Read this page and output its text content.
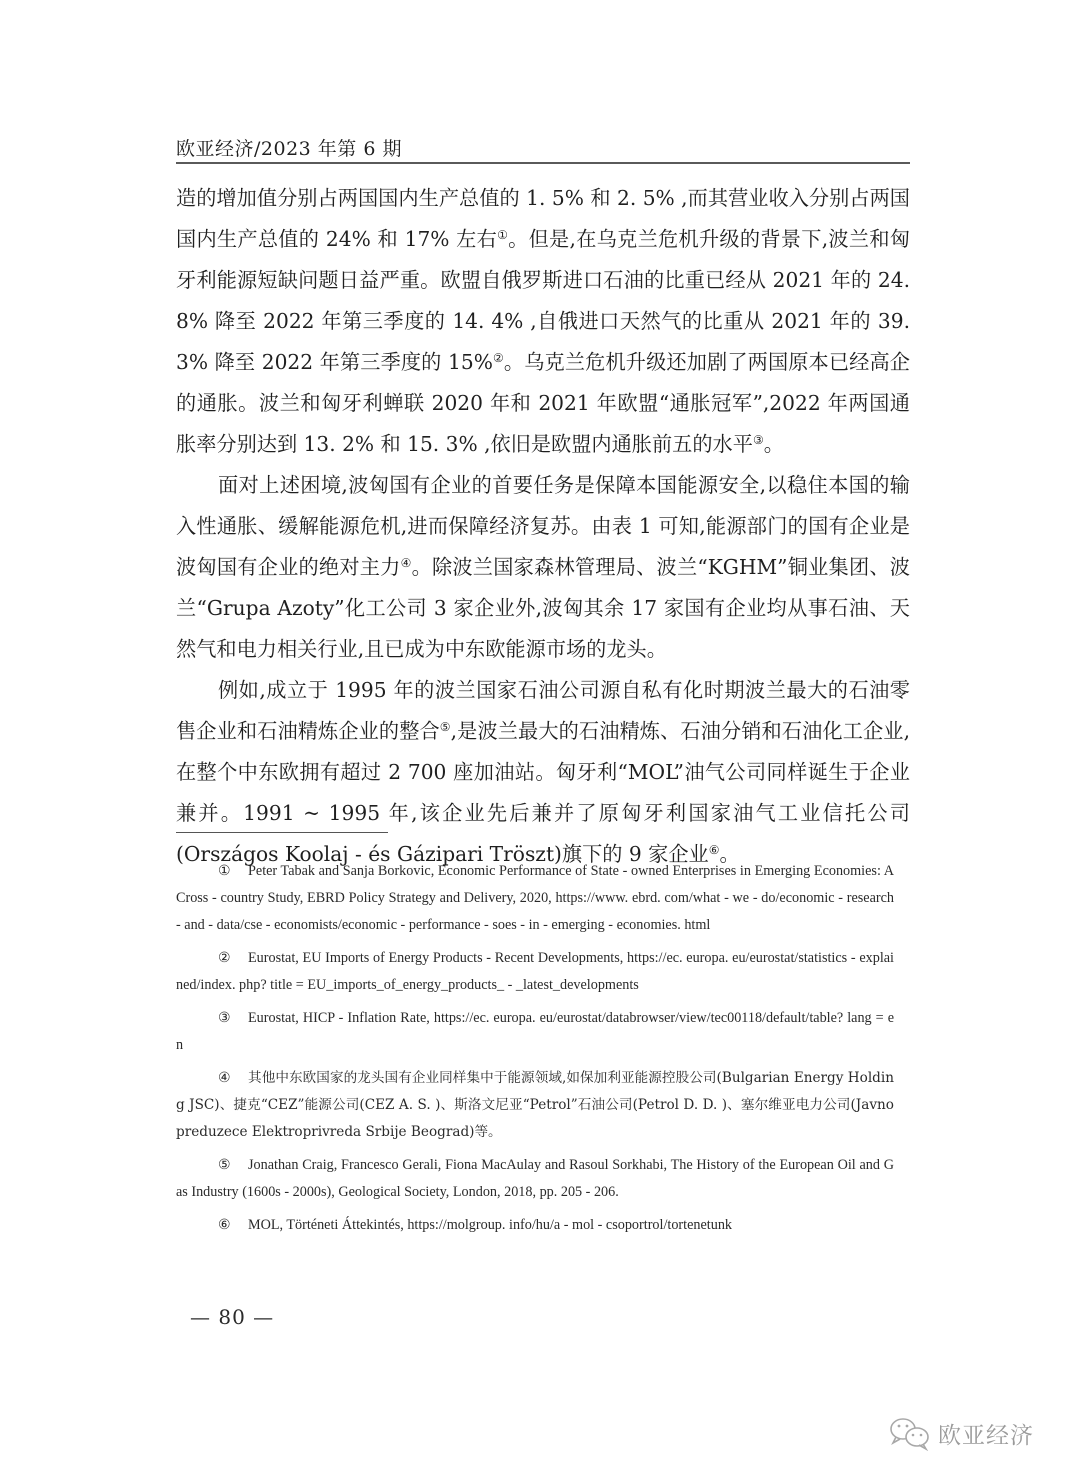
欧亚经济/2023 年第 6 期

造的增加值分别占两国国内生产总值的 1. 5% 和 2. 5% ,而其营业收入分别占两国国内生产总值的 24% 和 17% 左右①。但是,在乌克兰危机升级的背景下,波兰和匈牙利能源短缺问题日益严重。欧盟自俄罗斯进口石油的比重已经从 2021 年的 24. 8% 降至 2022 年第三季度的 14. 4% ,自俄进口天然气的比重从 2021 年的 39. 3% 降至 2022 年第三季度的 15%②。乌克兰危机升级还加剧了两国原本已经高企的通胀。波兰和匈牙利蝉联 2020 年和 2021 年欧盟“通胀冠军”,2022 年两国通胀率分别达到 13. 2% 和 15. 3% ,依旧是欧盟内通胀前五的水平③。

面对上述困境,波匈国有企业的首要任务是保障本国能源安全,以稳住本国的输入性通胀、缓解能源危机,进而保障经济复苏。由表 1 可知,能源部门的国有企业是波匈国有企业的绝对主力④。除波兰国家森林管理局、波兰“KGHM”铜业集团、波兰“Grupa Azoty”化工公司 3 家企业外,波匈其余 17 家国有企业均从事石油、天然气和电力相关行业,且已成为中东欧能源市场的龙头。

例如,成立于 1995 年的波兰国家石油公司源自私有化时期波兰最大的石油零售企业和石油精炼企业的整合⑤,是波兰最大的石油精炼、石油分销和石油化工企业,在整个中东欧拥有超过 2 700 座加油站。匈牙利“MOL”油气公司同样诞生于企业兼并。1991 ~ 1995 年,该企业先后兼并了原匈牙利国家油气工业信托公司(Országos Koolaj - és Gázipari Tröszt)旗下的 9 家企业⑥。

① Peter Tabak and Sanja Borkovic, Economic Performance of State - owned Enterprises in Emerging Economies: A Cross - country Study, EBRD Policy Strategy and Delivery, 2020, https://www. ebrd. com/what - we - do/economic - research - and - data/cse - economists/economic - performance - soes - in - emerging - economies. html

② Eurostat, EU Imports of Energy Products - Recent Developments, https://ec. europa. eu/eurostat/statistics - explained/index. php? title = EU_imports_of_energy_products_ - _latest_developments

③ Eurostat, HICP - Inflation Rate, https://ec. europa. eu/eurostat/databrowser/view/tec00118/default/table? lang = en

④ 其他中东欧国家的龙头国有企业同样集中于能源领域,如保加利亚能源控股公司(Bulgarian Energy Holding JSC)、捷克“CEZ”能源公司(CEZ A. S. )、斯洛文尼亚“Petrol”石油公司(Petrol D. D. )、塞尔维亚电力公司(Javno preduzece Elektroprivreda Srbije Beograd)等。

⑤ Jonathan Craig, Francesco Gerali, Fiona MacAulay and Rasoul Sorkhabi, The History of the European Oil and Gas Industry (1600s - 2000s), Geological Society, London, 2018, pp. 205 - 206.

⑥ MOL, Történeti Áttekintés, https://molgroup. info/hu/a - mol - csoportrol/tortenetunk

— 80 —
欧亚经济
